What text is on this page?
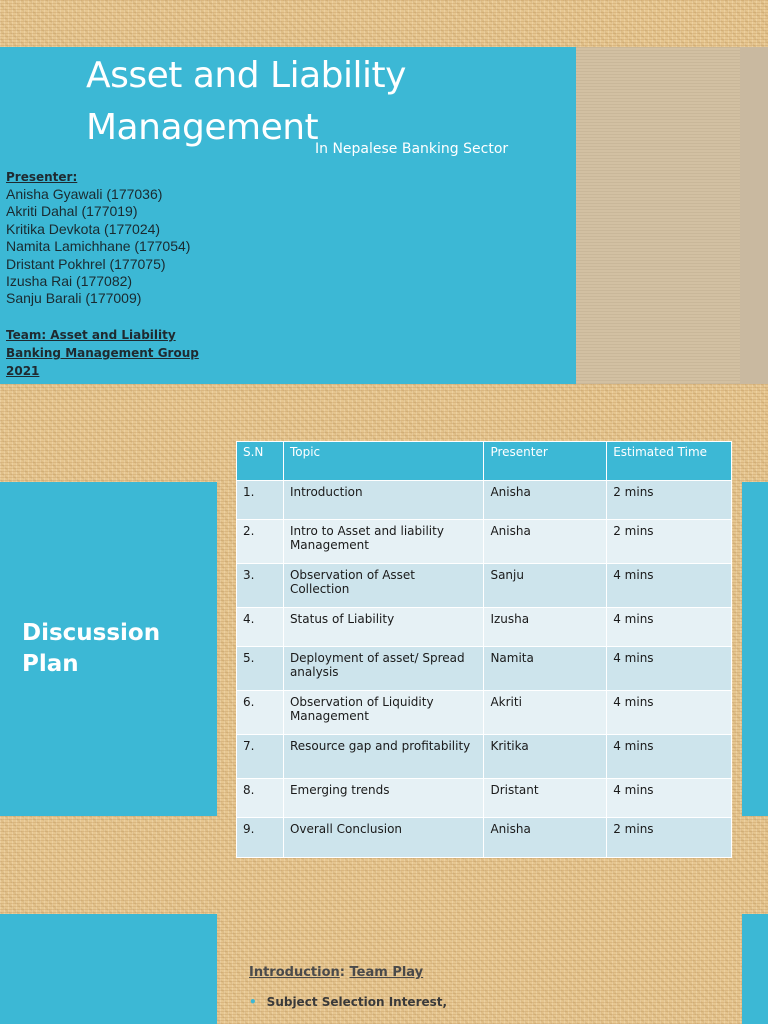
Asset and Liability
Management
In Nepalese Banking Sector
Presenter:
Anisha Gyawali (177036)
Akriti Dahal (177019)
Kritika Devkota (177024)
Namita Lamichhane (177054)
Dristant Pokhrel (177075)
Izusha Rai (177082)
Sanju Barali (177009)
Team: Asset and Liability
Banking Management Group
2021
Discussion
Plan
S.N	Topic	Presenter	Estimated Time
1.	Introduction	Anisha	2 mins
2.	Intro to Asset and liability Management	Anisha	2 mins
3.	Observation of Asset Collection	Sanju	4 mins
4.	Status of Liability	Izusha	4 mins
5.	Deployment of asset/ Spread analysis	Namita	4 mins
6.	Observation of Liquidity Management	Akriti	4 mins
7.	Resource gap and profitability	Kritika	4 mins
8.	Emerging trends	Dristant	4 mins
9.	Overall Conclusion	Anisha	2 mins
Introduction: Team Play
• Subject Selection Interest,
